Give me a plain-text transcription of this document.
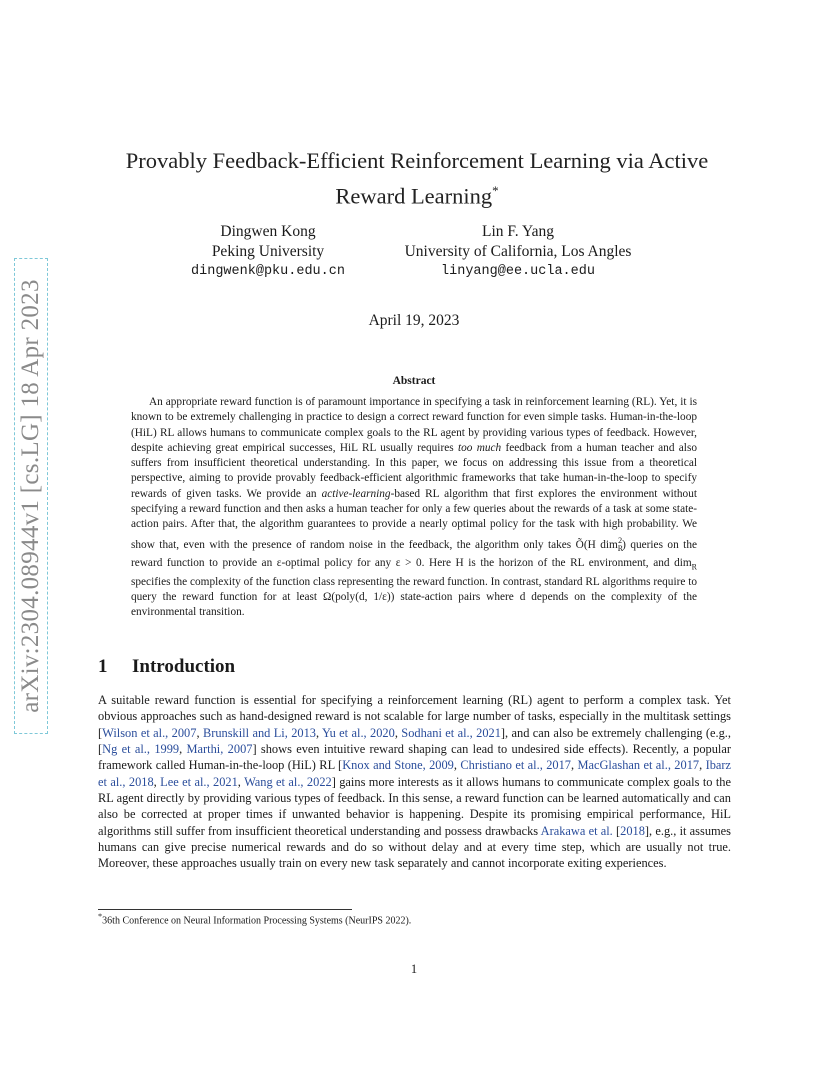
arXiv:2304.08944v1 [cs.LG] 18 Apr 2023
Provably Feedback-Efficient Reinforcement Learning via Active Reward Learning*
Dingwen Kong
Peking University
dingwenk@pku.edu.cn
Lin F. Yang
University of California, Los Angles
linyang@ee.ucla.edu
April 19, 2023
Abstract

An appropriate reward function is of paramount importance in specifying a task in reinforcement learning (RL). Yet, it is known to be extremely challenging in practice to design a correct reward function for even simple tasks. Human-in-the-loop (HiL) RL allows humans to communicate complex goals to the RL agent by providing various types of feedback. However, despite achieving great empirical successes, HiL RL usually requires too much feedback from a human teacher and also suffers from insufficient theoretical understanding. In this paper, we focus on addressing this issue from a theoretical perspective, aiming to provide provably feedback-efficient algorithmic frameworks that take human-in-the-loop to specify rewards of given tasks. We provide an active-learning-based RL algorithm that first explores the environment without specifying a reward function and then asks a human teacher for only a few queries about the rewards of a task at some state-action pairs. After that, the algorithm guarantees to provide a nearly optimal policy for the task with high probability. We show that, even with the presence of random noise in the feedback, the algorithm only takes Õ(H dim$_R^2$) queries on the reward function to provide an ε-optimal policy for any ε > 0. Here H is the horizon of the RL environment, and dim$_R$ specifies the complexity of the function class representing the reward function. In contrast, standard RL algorithms require to query the reward function for at least Ω(poly(d, 1/ε)) state-action pairs where d depends on the complexity of the environmental transition.

1 Introduction

A suitable reward function is essential for specifying a reinforcement learning (RL) agent to perform a complex task. Yet obvious approaches such as hand-designed reward is not scalable for large number of tasks, especially in the multitask settings [Wilson et al., 2007, Brunskill and Li, 2013, Yu et al., 2020, Sodhani et al., 2021], and can also be extremely challenging (e.g., [Ng et al., 1999, Marthi, 2007] shows even intuitive reward shaping can lead to undesired side effects). Recently, a popular framework called Human-in-the-loop (HiL) RL [Knox and Stone, 2009, Christiano et al., 2017, MacGlashan et al., 2017, Ibarz et al., 2018, Lee et al., 2021, Wang et al., 2022] gains more interests as it allows humans to communicate complex goals to the RL agent directly by providing various types of feedback. In this sense, a reward function can be learned automatically and can also be corrected at proper times if unwanted behavior is happening. Despite its promising empirical performance, HiL algorithms still suffer from insufficient theoretical understanding and possess drawbacks Arakawa et al. [2018], e.g., it assumes humans can give precise numerical rewards and do so without delay and at every time step, which are usually not true. Moreover, these approaches usually train on every new task separately and cannot incorporate exiting experiences.

*36th Conference on Neural Information Processing Systems (NeurIPS 2022).

1
